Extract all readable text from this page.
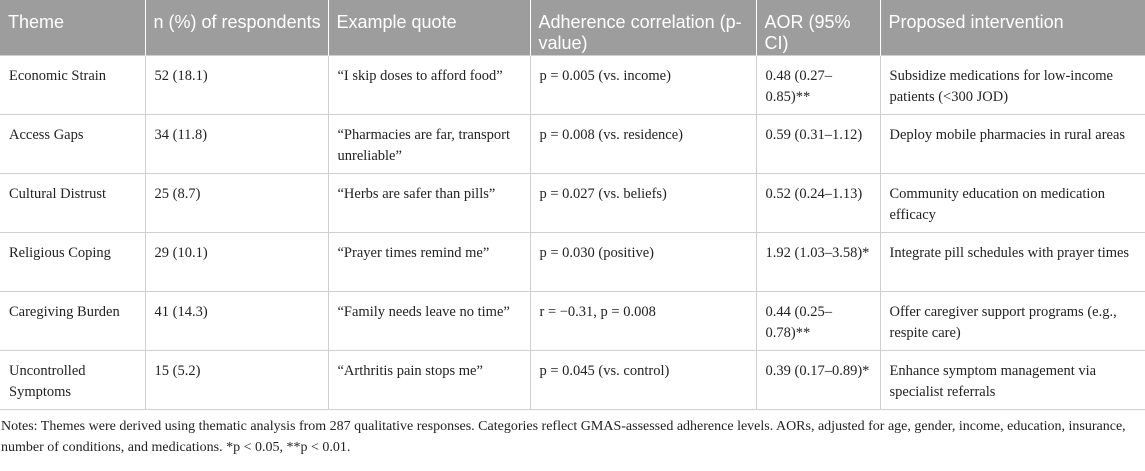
Theme	n (%) of respondents	Example quote	Adherence correlation (p-value)	AOR (95% CI)	Proposed intervention
Economic Strain	52 (18.1)	“I skip doses to afford food”	p = 0.005 (vs. income)	0.48 (0.27–0.85)**	Subsidize medications for low-income patients (<300 JOD)
Access Gaps	34 (11.8)	“Pharmacies are far, transport unreliable”	p = 0.008 (vs. residence)	0.59 (0.31–1.12)	Deploy mobile pharmacies in rural areas
Cultural Distrust	25 (8.7)	“Herbs are safer than pills”	p = 0.027 (vs. beliefs)	0.52 (0.24–1.13)	Community education on medication efficacy
Religious Coping	29 (10.1)	“Prayer times remind me”	p = 0.030 (positive)	1.92 (1.03–3.58)*	Integrate pill schedules with prayer times
Caregiving Burden	41 (14.3)	“Family needs leave no time”	r = −0.31, p = 0.008	0.44 (0.25–0.78)**	Offer caregiver support programs (e.g., respite care)
Uncontrolled Symptoms	15 (5.2)	“Arthritis pain stops me”	p = 0.045 (vs. control)	0.39 (0.17–0.89)*	Enhance symptom management via specialist referrals

Notes: Themes were derived using thematic analysis from 287 qualitative responses. Categories reflect GMAS-assessed adherence levels. AORs, adjusted for age, gender, income, education, insurance, number of conditions, and medications. *p < 0.05, **p < 0.01.
